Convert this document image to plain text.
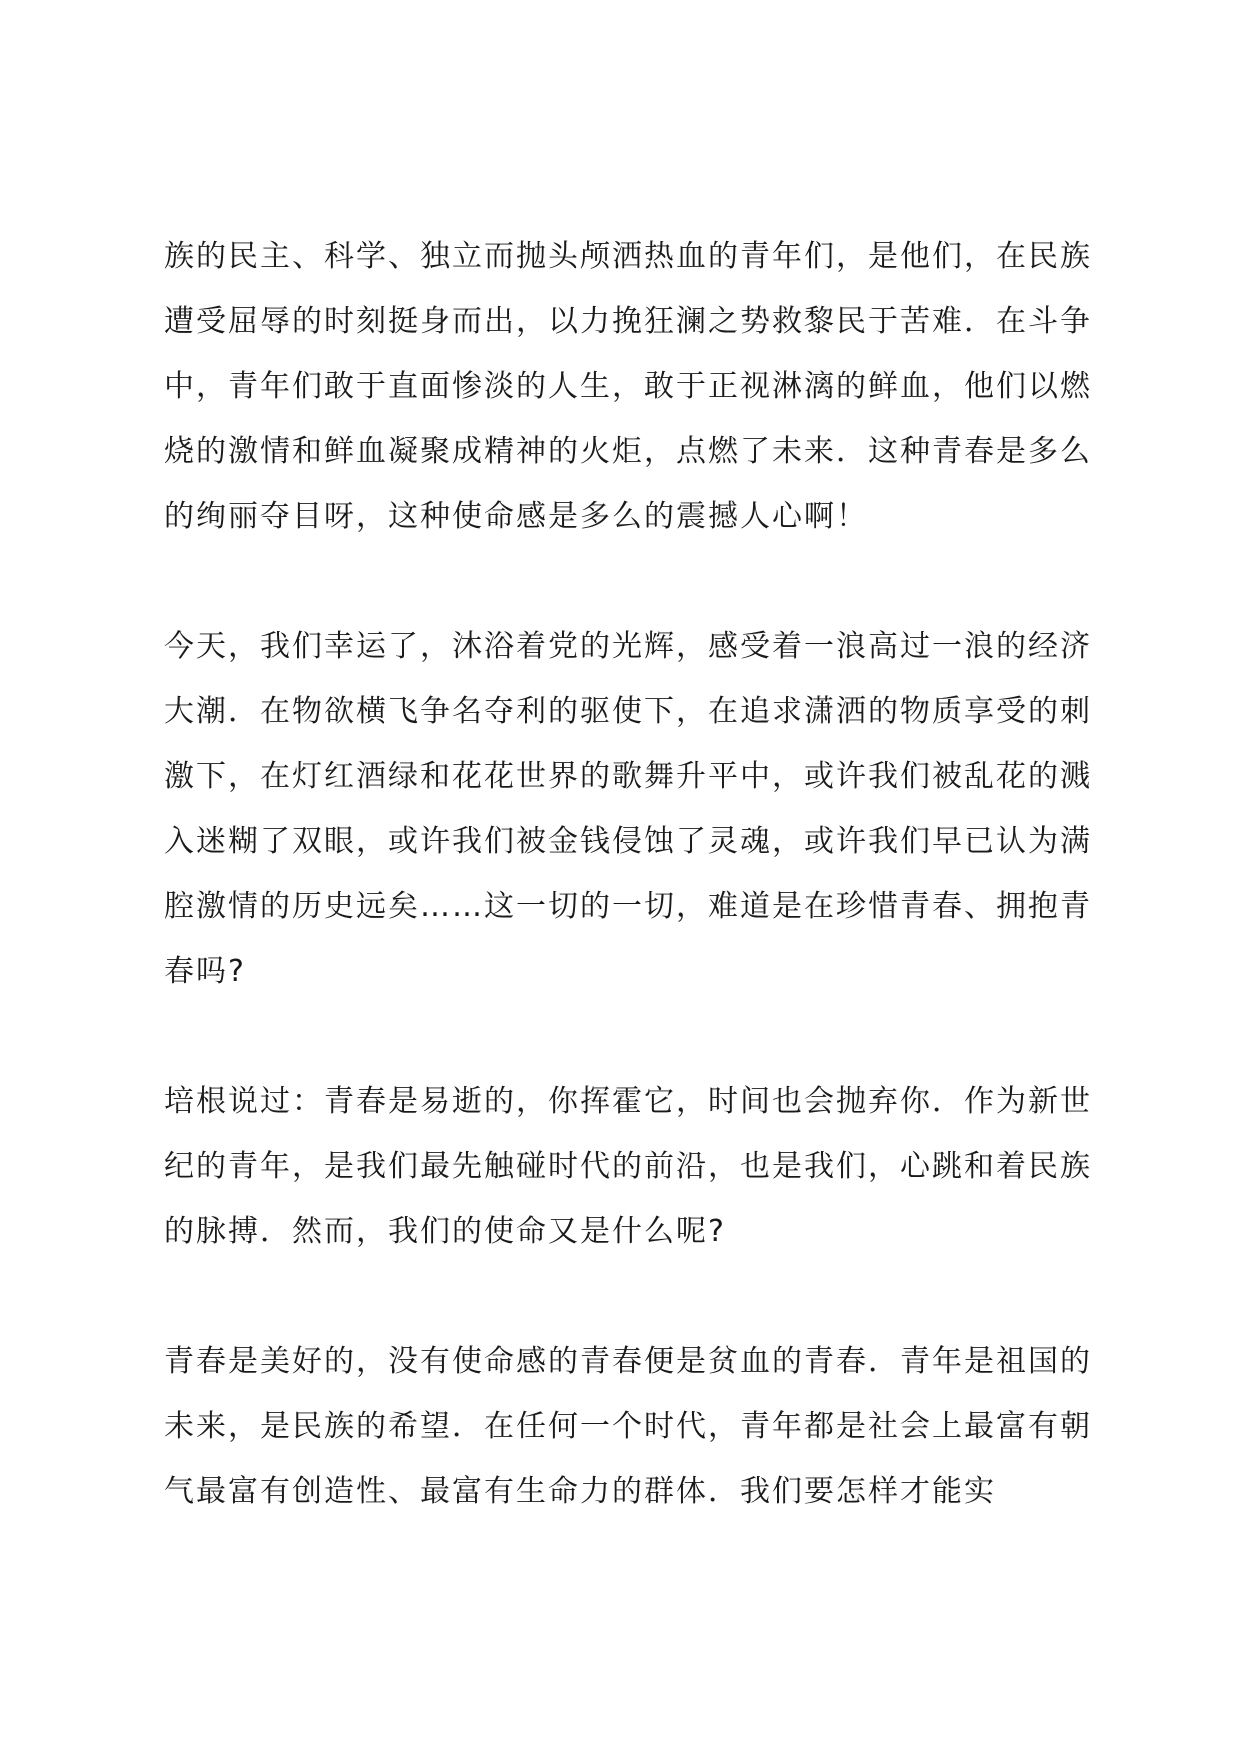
族的民主、科学、独立而抛头颅洒热血的青年们，是他们，在民族遭受屈辱的时刻挺身而出，以力挽狂澜之势救黎民于苦难．在斗争中，青年们敢于直面惨淡的人生，敢于正视淋漓的鲜血，他们以燃烧的激情和鲜血凝聚成精神的火炬，点燃了未来．这种青春是多么的绚丽夺目呀，这种使命感是多么的震撼人心啊！

今天，我们幸运了，沐浴着党的光辉，感受着一浪高过一浪的经济大潮．在物欲横飞争名夺利的驱使下，在追求潇洒的物质享受的刺激下，在灯红酒绿和花花世界的歌舞升平中，或许我们被乱花的溅入迷糊了双眼，或许我们被金钱侵蚀了灵魂，或许我们早已认为满腔激情的历史远矣……这一切的一切，难道是在珍惜青春、拥抱青春吗?

培根说过：青春是易逝的，你挥霍它，时间也会抛弃你．作为新世纪的青年，是我们最先触碰时代的前沿，也是我们，心跳和着民族的脉搏．然而，我们的使命又是什么呢?

青春是美好的，没有使命感的青春便是贫血的青春．青年是祖国的未来，是民族的希望．在任何一个时代，青年都是社会上最富有朝气最富有创造性、最富有生命力的群体．我们要怎样才能实
